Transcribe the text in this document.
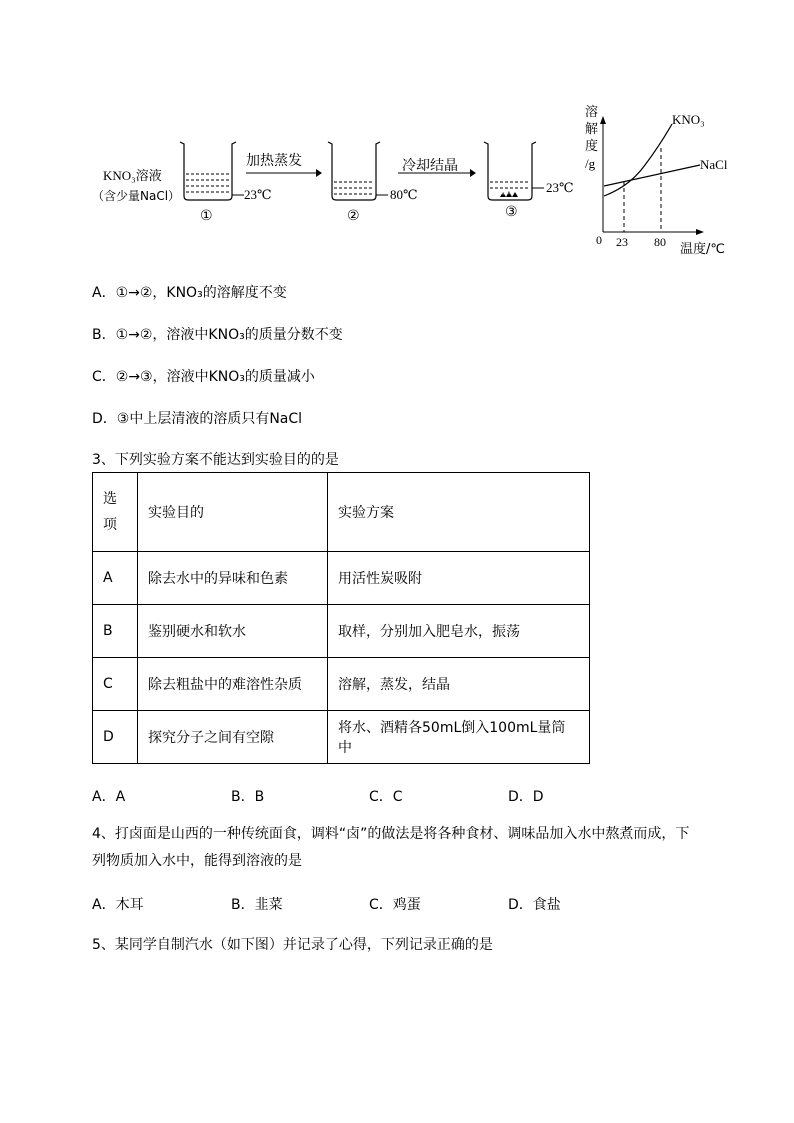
KNO₃溶液
（含少量NaCl）
加热蒸发	冷却结晶
23℃	80℃	23℃
①	②	③
晶体
溶
解
度
/g
KNO₃
NaCl
0 23 80 温度/℃
A．①→②，KNO₃的溶解度不变
B．①→②，溶液中KNO₃的质量分数不变
C．②→③，溶液中KNO₃的质量减小
D．③中上层清液的溶质只有NaCl
3、下列实验方案不能达到实验目的的是
选项	实验目的	实验方案
A	除去水中的异味和色素	用活性炭吸附
B	鉴别硬水和软水	取样，分别加入肥皂水，振荡
C	除去粗盐中的难溶性杂质	溶解，蒸发，结晶
D	探究分子之间有空隙	将水、酒精各50mL倒入100mL量筒中
A．A	B．B	C．C	D．D
4、打卤面是山西的一种传统面食，调料“卤”的做法是将各种食材、调味品加入水中熬煮而成，下
列物质加入水中，能得到溶液的是
A．木耳	B．韭菜	C．鸡蛋	D．食盐
5、某同学自制汽水（如下图）并记录了心得，下列记录正确的是
